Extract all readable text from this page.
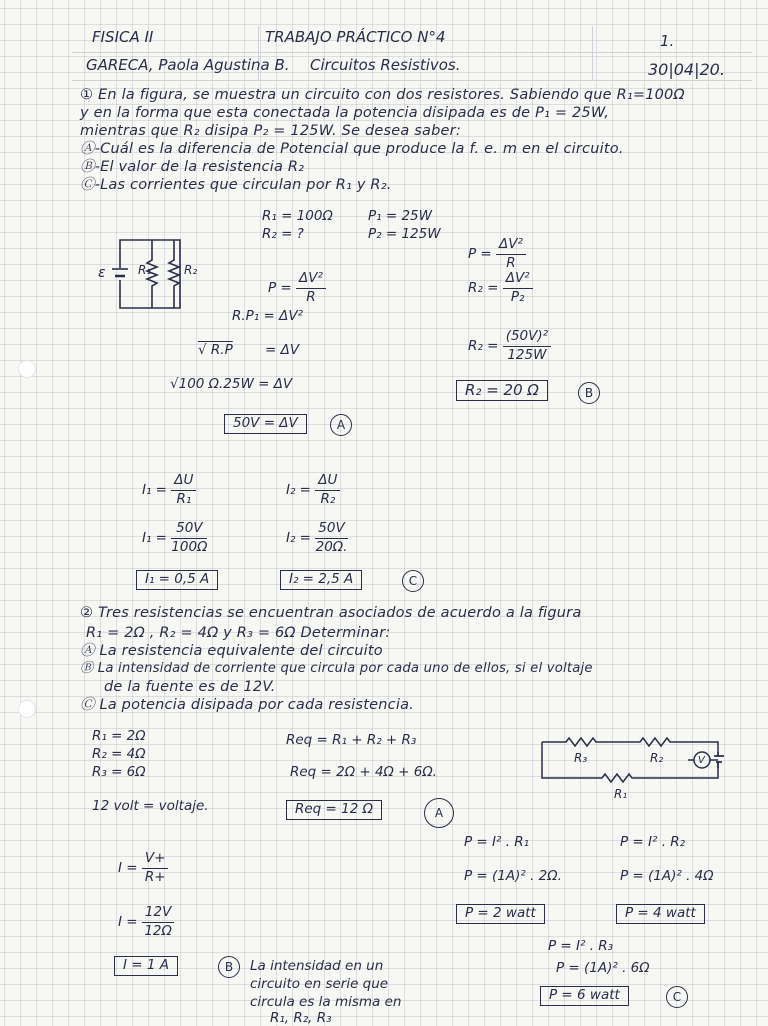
FISICA II	TRABAJO PRÁCTICO N°4
GARECA, Paola Agustina B. Circuitos Resistivos.
1.
30|04|20.
① En la figura, se muestra un circuito con dos resistores. Sabiendo que R₁=100Ω
y en la forma que esta conectada la potencia disipada es de P₁ = 25W,
mientras que R₂ disipa P₂ = 125W. Se desea saber:
Ⓐ-Cuál es la diferencia de Potencial que produce la f. e. m en el circuito.
Ⓑ-El valor de la resistencia R₂
Ⓒ-Las corrientes que circulan por R₁ y R₂.
R₁ = 100Ω
R₂ = ?
P₁ = 25W
P₂ = 125W
ε	R₁	R₂
$P = \frac{\text{ΔV²}}{R}$
R.P₁ = ΔV²
√ R.P = ΔV
√100 Ω.25W = ΔV
50V = ΔV	A
$P = \frac{\text{ΔV²}}{R}$
$R_2 = \frac{\text{ΔV²}}{\text{P₂}}$
$R_2 = \frac{\text{(50V)²}}{125W}$
R₂ = 20 Ω	B
$I_1 = \frac{\Delta U}{\text{R₁}}$	$I_2 = \frac{\Delta U}{\text{R₂}}$
$I_1 = \frac{50V}{100\Omega}$	$I_2 = \frac{50V}{20\Omega.}$
I₁ = 0,5 A	I₂ = 2,5 A	C
② Tres resistencias se encuentran asociados de acuerdo a la figura
R₁ = 2Ω , R₂ = 4Ω y R₃ = 6Ω Determinar:
Ⓐ La resistencia equivalente del circuito
Ⓑ La intensidad de corriente que circula por cada uno de ellos, si el voltaje
de la fuente es de 12V.
Ⓒ La potencia disipada por cada resistencia.
R₁ = 2Ω
R₂ = 4Ω
R₃ = 6Ω
12 volt = voltaje.
Req = R₁ + R₂ + R₃
Req = 2Ω + 4Ω + 6Ω.
Req = 12 Ω	A
R₃	R₂
R₁
V
$I = \frac{V+}{R+}$
$I = \frac{12V}{12\Omega}$
I = 1 A	B	La intensidad en un
circuito en serie que
circula es la misma en
R₁, R₂, R₃
P = I² . R₁
P = (1A)² . 2Ω.
P = 2 watt
P = I² . R₂
P = (1A)² . 4Ω
P = 4 watt
P = I² . R₃
P = (1A)² . 6Ω
P = 6 watt	C
